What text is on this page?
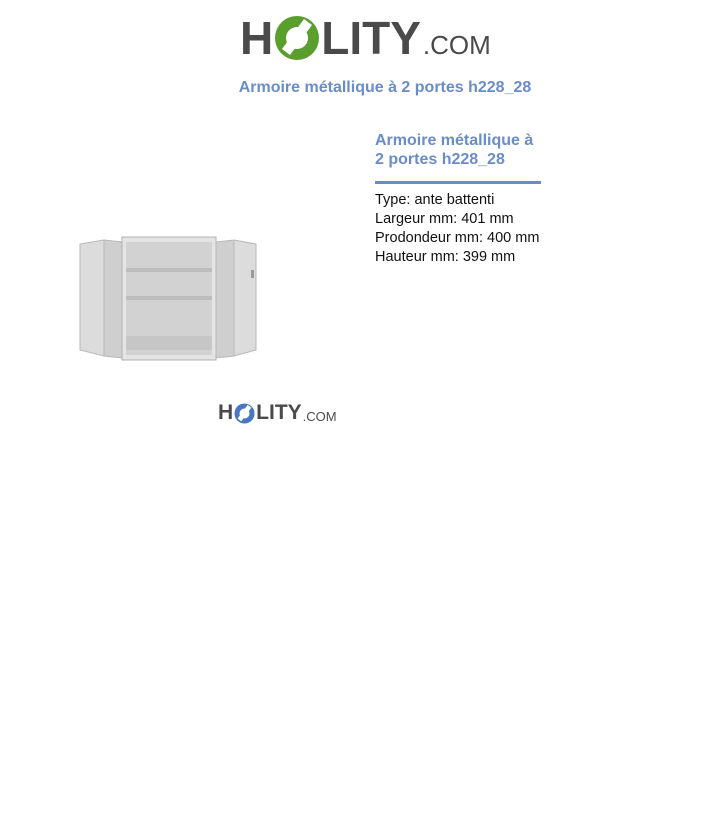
H LITY .COM
Armoire métallique à 2 portes h228_28
H LITY .COM
Armoire métallique à 2 portes h228_28
Type: ante battenti
Largeur mm: 401 mm
Prodondeur mm: 400 mm
Hauteur mm: 399 mm
